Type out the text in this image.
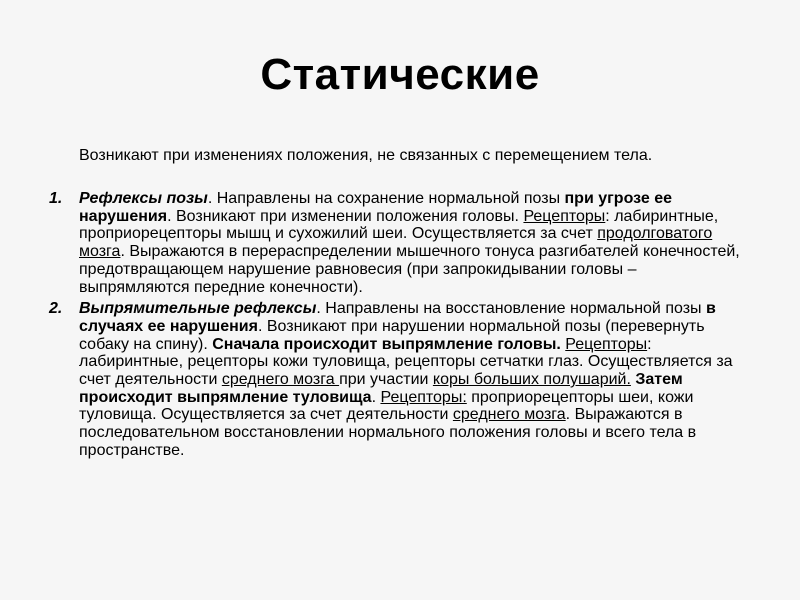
Статические
Возникают при изменениях положения, не связанных с перемещением тела.
1. Рефлексы позы. Направлены на сохранение нормальной позы при угрозе ее нарушения. Возникают при изменении положения головы. Рецепторы: лабиринтные, проприорецепторы мышц и сухожилий шеи. Осуществляется за счет продолговатого мозга. Выражаются в перераспределении мышечного тонуса разгибателей конечностей, предотвращающем нарушение равновесия (при запрокидывании головы – выпрямляются передние конечности).
2. Выпрямительные рефлексы. Направлены на восстановление нормальной позы в случаях ее нарушения. Возникают при нарушении нормальной позы (перевернуть собаку на спину). Сначала происходит выпрямление головы. Рецепторы: лабиринтные, рецепторы кожи туловища, рецепторы сетчатки глаз. Осуществляется за счет деятельности среднего мозга при участии коры больших полушарий. Затем происходит выпрямление туловища. Рецепторы: проприорецепторы шеи, кожи туловища. Осуществляется за счет деятельности среднего мозга. Выражаются в последовательном восстановлении нормального положения головы и всего тела в пространстве.
